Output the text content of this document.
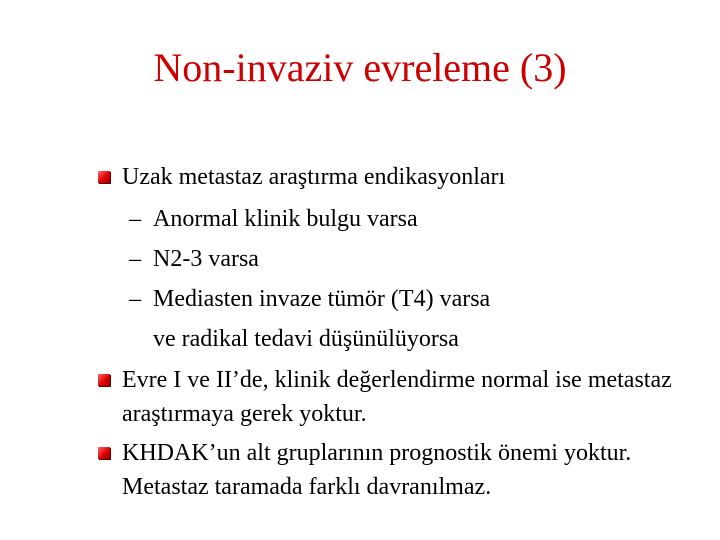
Non-invaziv evreleme (3)
Uzak metastaz araştırma endikasyonları
– Anormal klinik bulgu varsa
– N2-3 varsa
– Mediasten invaze tümör (T4) varsa
ve radikal tedavi düşünülüyorsa
Evre I ve II’de, klinik değerlendirme normal ise metastaz araştırmaya gerek yoktur.
KHDAK’un alt gruplarının prognostik önemi yoktur. Metastaz taramada farklı davranılmaz.
